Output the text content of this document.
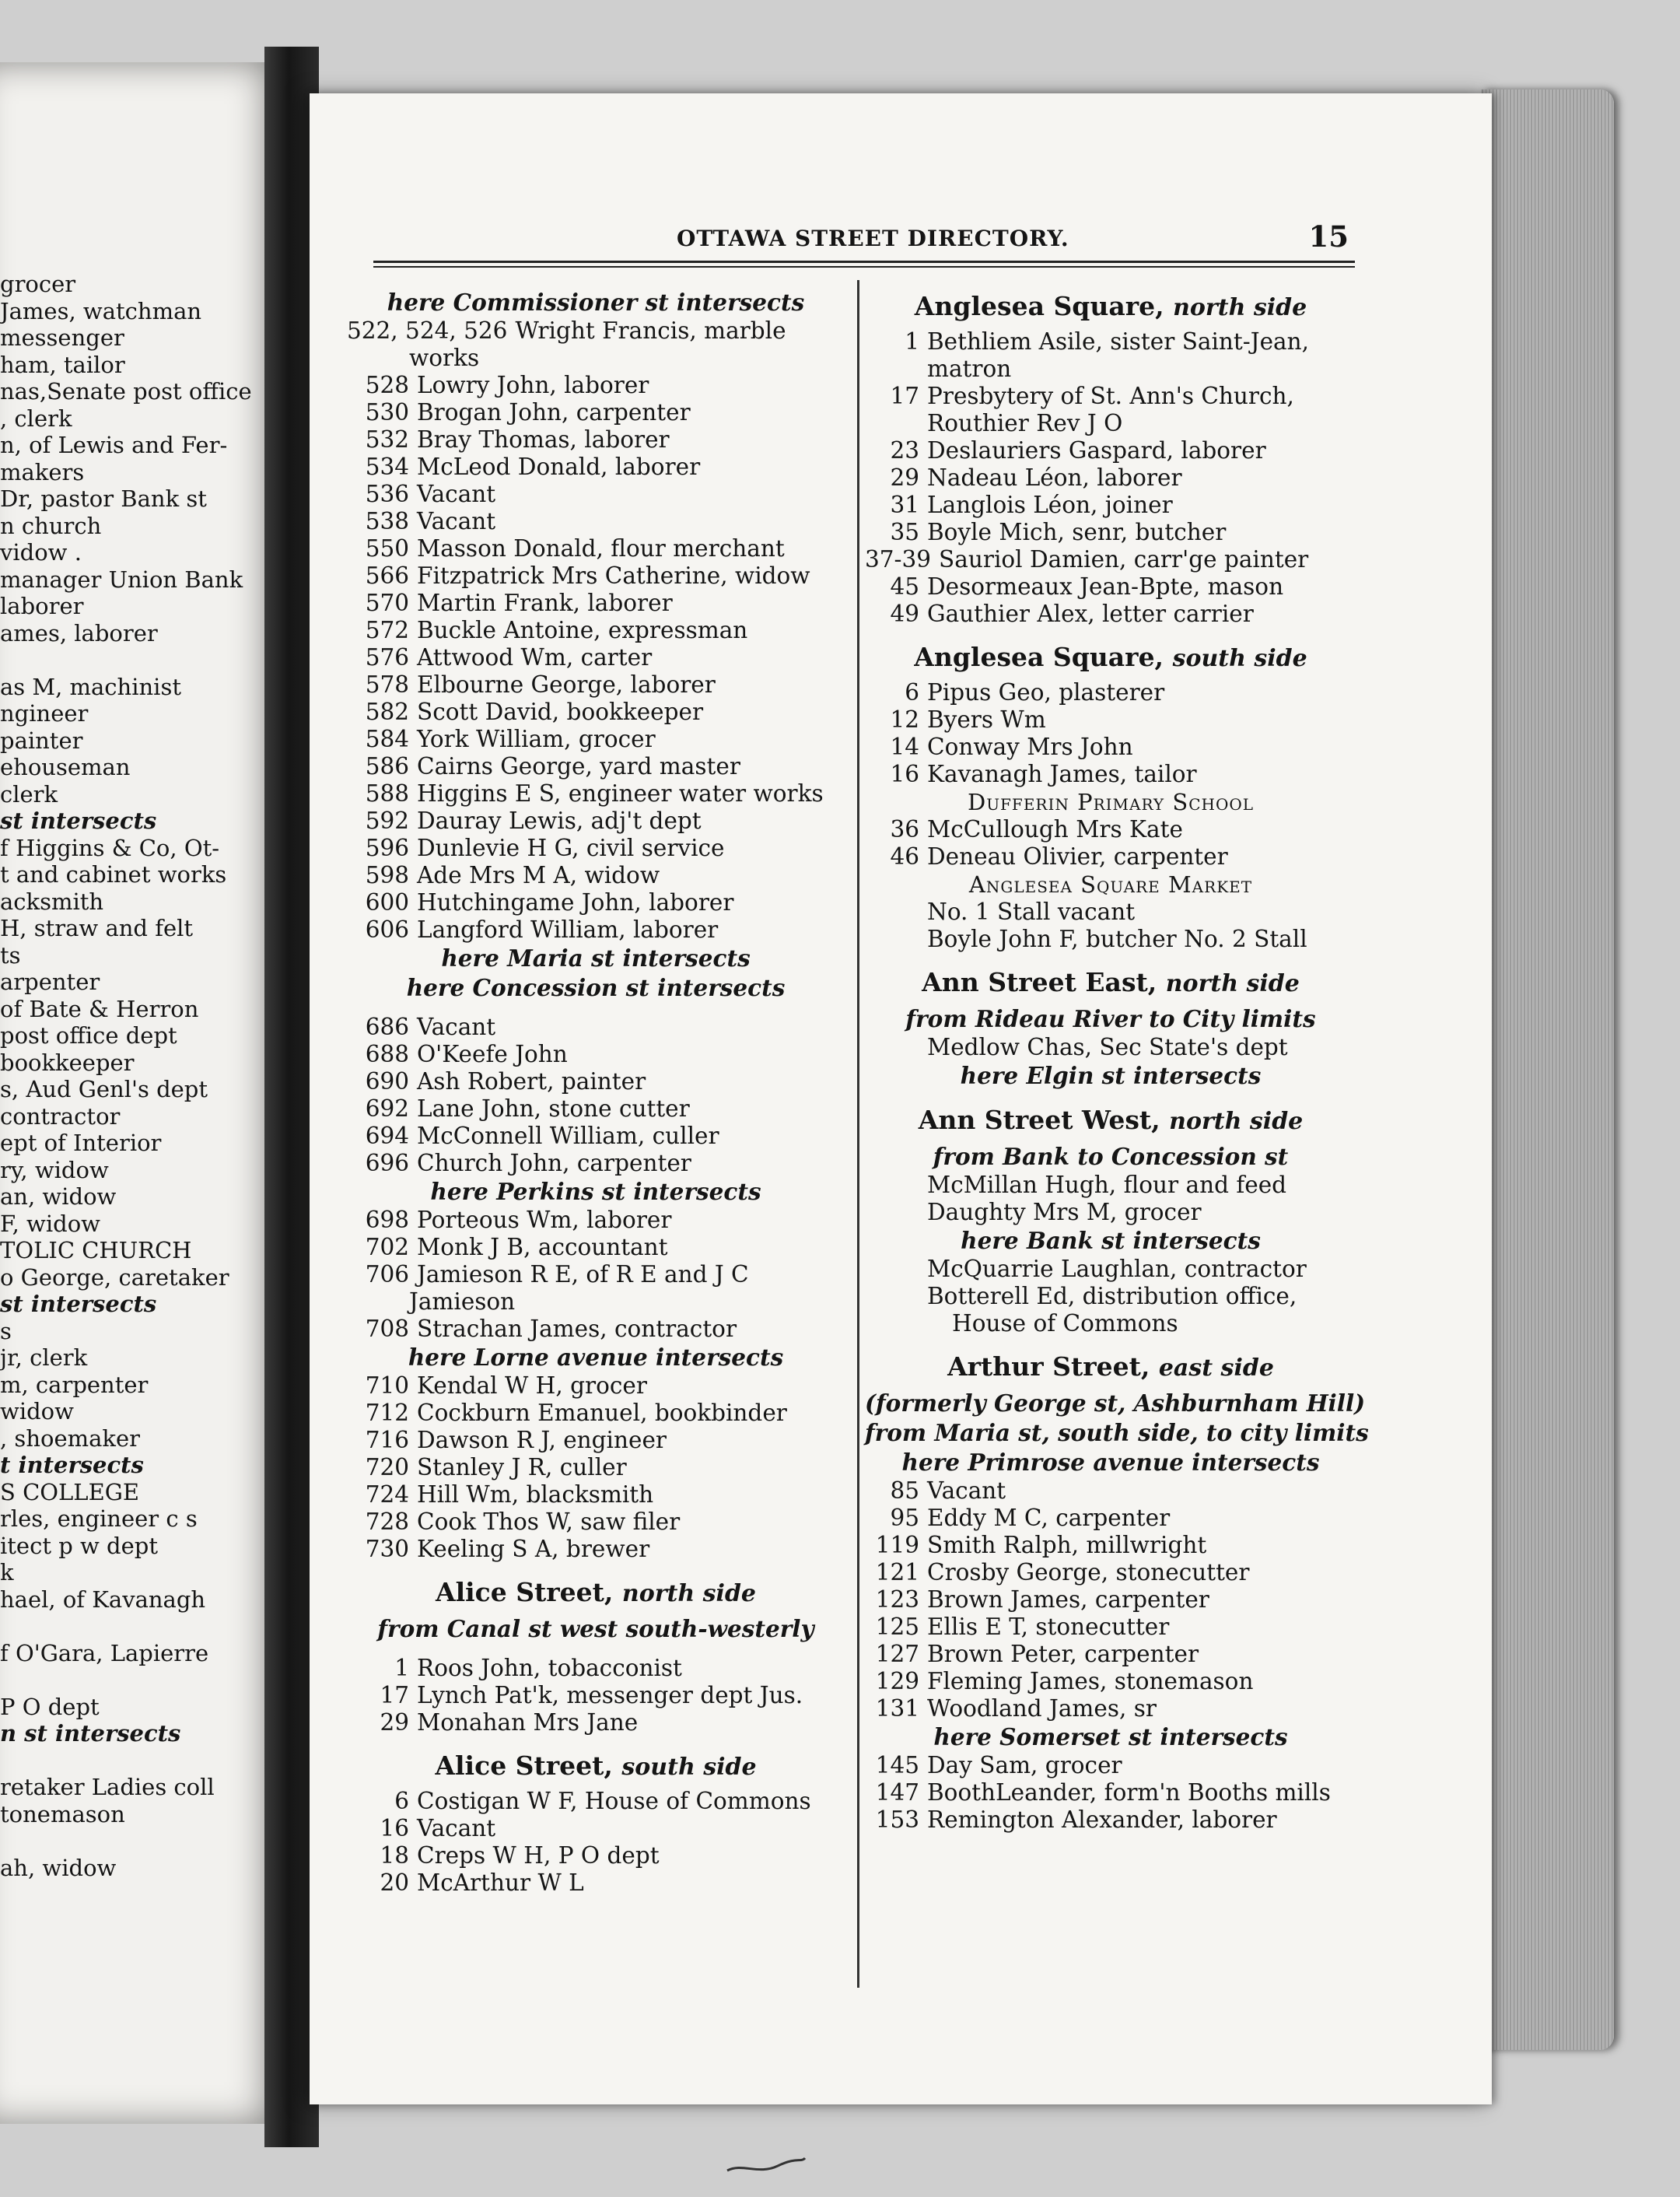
grocer
James, watchman
messenger
ham, tailor
nas,Senate post office
, clerk
n, of Lewis and Fer-
makers
Dr, pastor Bank st
n church
vidow .
manager Union Bank
laborer
ames, laborer
as M, machinist
ngineer
painter
ehouseman
clerk
st intersects
f Higgins & Co, Ot-
t and cabinet works
acksmith
H, straw and felt
ts
arpenter
of Bate & Herron
post office dept
bookkeeper
s, Aud Genl's dept
contractor
ept of Interior
ry, widow
an, widow
F, widow
TOLIC CHURCH
o George, caretaker
st intersects
s
jr, clerk
m, carpenter
widow
, shoemaker
t intersects
S COLLEGE
rles, engineer c s
itect p w dept
k
hael, of Kavanagh
f O'Gara, Lapierre
P O dept
n st intersects
retaker Ladies coll
tonemason
ah, widow
OTTAWA STREET DIRECTORY.	15
here Commissioner st intersects
522, 524, 526 Wright Francis, marble
works
528 Lowry John, laborer
530 Brogan John, carpenter
532 Bray Thomas, laborer
534 McLeod Donald, laborer
536 Vacant
538 Vacant
550 Masson Donald, flour merchant
566 Fitzpatrick Mrs Catherine, widow
570 Martin Frank, laborer
572 Buckle Antoine, expressman
576 Attwood Wm, carter
578 Elbourne George, laborer
582 Scott David, bookkeeper
584 York William, grocer
586 Cairns George, yard master
588 Higgins E S, engineer water works
592 Dauray Lewis, adj't dept
596 Dunlevie H G, civil service
598 Ade Mrs M A, widow
600 Hutchingame John, laborer
606 Langford William, laborer
here Maria st intersects
here Concession st intersects
686 Vacant
688 O'Keefe John
690 Ash Robert, painter
692 Lane John, stone cutter
694 McConnell William, culler
696 Church John, carpenter
here Perkins st intersects
698 Porteous Wm, laborer
702 Monk J B, accountant
706 Jamieson R E, of R E and J C
Jamieson
708 Strachan James, contractor
here Lorne avenue intersects
710 Kendal W H, grocer
712 Cockburn Emanuel, bookbinder
716 Dawson R J, engineer
720 Stanley J R, culler
724 Hill Wm, blacksmith
728 Cook Thos W, saw filer
730 Keeling S A, brewer
Alice Street, north side
from Canal st west south-westerly
1 Roos John, tobacconist
17 Lynch Pat'k, messenger dept Jus.
29 Monahan Mrs Jane
Alice Street, south side
6 Costigan W F, House of Commons
16 Vacant
18 Creps W H, P O dept
20 McArthur W L
Anglesea Square, north side
1 Bethliem Asile, sister Saint-Jean,
matron
17 Presbytery of St. Ann's Church,
Routhier Rev J O
23 Deslauriers Gaspard, laborer
29 Nadeau Léon, laborer
31 Langlois Léon, joiner
35 Boyle Mich, senr, butcher
37-39 Sauriol Damien, carr'ge painter
45 Desormeaux Jean-Bpte, mason
49 Gauthier Alex, letter carrier
Anglesea Square, south side
6 Pipus Geo, plasterer
12 Byers Wm
14 Conway Mrs John
16 Kavanagh James, tailor
Dufferin Primary School
36 McCullough Mrs Kate
46 Deneau Olivier, carpenter
Anglesea Square Market
No. 1 Stall vacant
Boyle John F, butcher No. 2 Stall
Ann Street East, north side
from Rideau River to City limits
Medlow Chas, Sec State's dept
here Elgin st intersects
Ann Street West, north side
from Bank to Concession st
McMillan Hugh, flour and feed
Daughty Mrs M, grocer
here Bank st intersects
McQuarrie Laughlan, contractor
Botterell Ed, distribution office,
House of Commons
Arthur Street, east side
(formerly George st, Ashburnham Hill)
from Maria st, south side, to city limits
here Primrose avenue intersects
85 Vacant
95 Eddy M C, carpenter
119 Smith Ralph, millwright
121 Crosby George, stonecutter
123 Brown James, carpenter
125 Ellis E T, stonecutter
127 Brown Peter, carpenter
129 Fleming James, stonemason
131 Woodland James, sr
here Somerset st intersects
145 Day Sam, grocer
147 BoothLeander, form'n Booths mills
153 Remington Alexander, laborer
